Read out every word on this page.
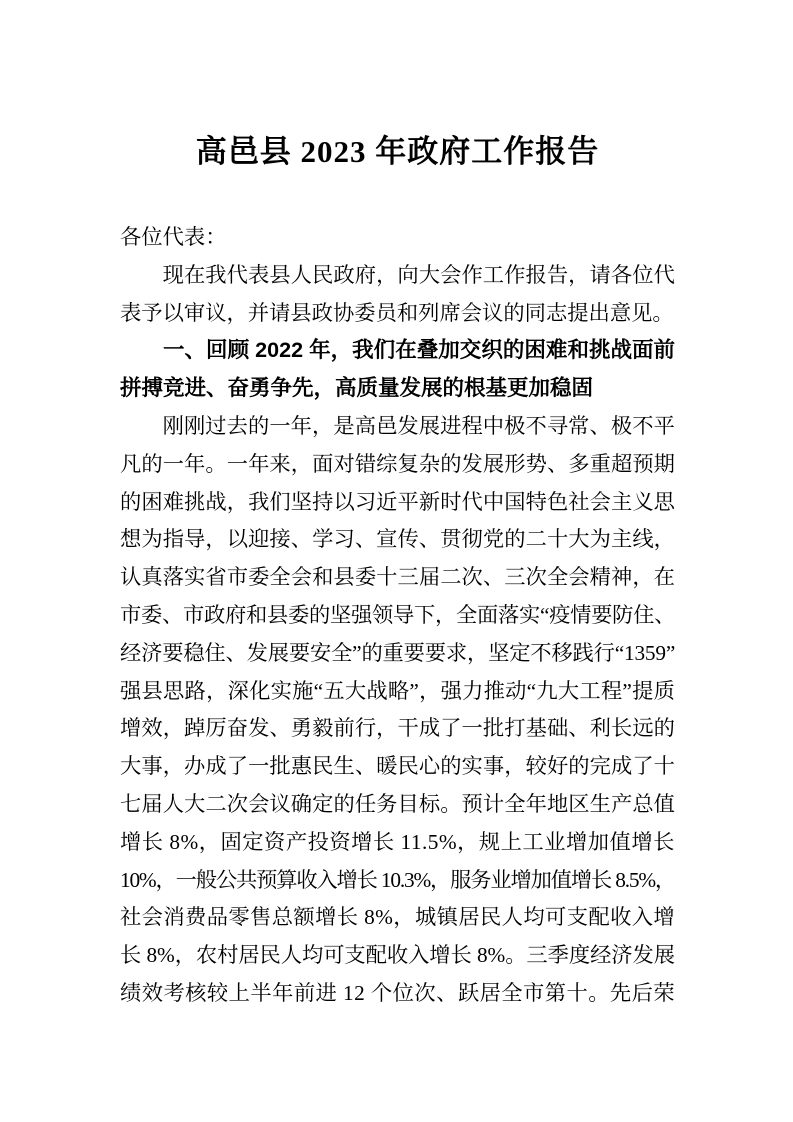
高邑县 2023 年政府工作报告

各位代表：

现在我代表县人民政府，向大会作工作报告，请各位代

表予以审议，并请县政协委员和列席会议的同志提出意见。

一、回顾 2022 年，我们在叠加交织的困难和挑战面前

拼搏竞进、奋勇争先，高质量发展的根基更加稳固

刚刚过去的一年，是高邑发展进程中极不寻常、极不平

凡的一年。一年来，面对错综复杂的发展形势、多重超预期

的困难挑战，我们坚持以习近平新时代中国特色社会主义思

想为指导，以迎接、学习、宣传、贯彻党的二十大为主线，

认真落实省市委全会和县委十三届二次、三次全会精神，在

市委、市政府和县委的坚强领导下，全面落实“疫情要防住、

经济要稳住、发展要安全”的重要要求，坚定不移践行“1359”

强县思路，深化实施“五大战略”，强力推动“九大工程”提质

增效，踔厉奋发、勇毅前行，干成了一批打基础、利长远的

大事，办成了一批惠民生、暖民心的实事，较好的完成了十

七届人大二次会议确定的任务目标。预计全年地区生产总值

增长 8%，固定资产投资增长 11.5%，规上工业增加值增长

10%，一般公共预算收入增长 10.3%，服务业增加值增长 8.5%，

社会消费品零售总额增长 8%，城镇居民人均可支配收入增

长 8%，农村居民人均可支配收入增长 8%。三季度经济发展

绩效考核较上半年前进 12 个位次、跃居全市第十。先后荣
